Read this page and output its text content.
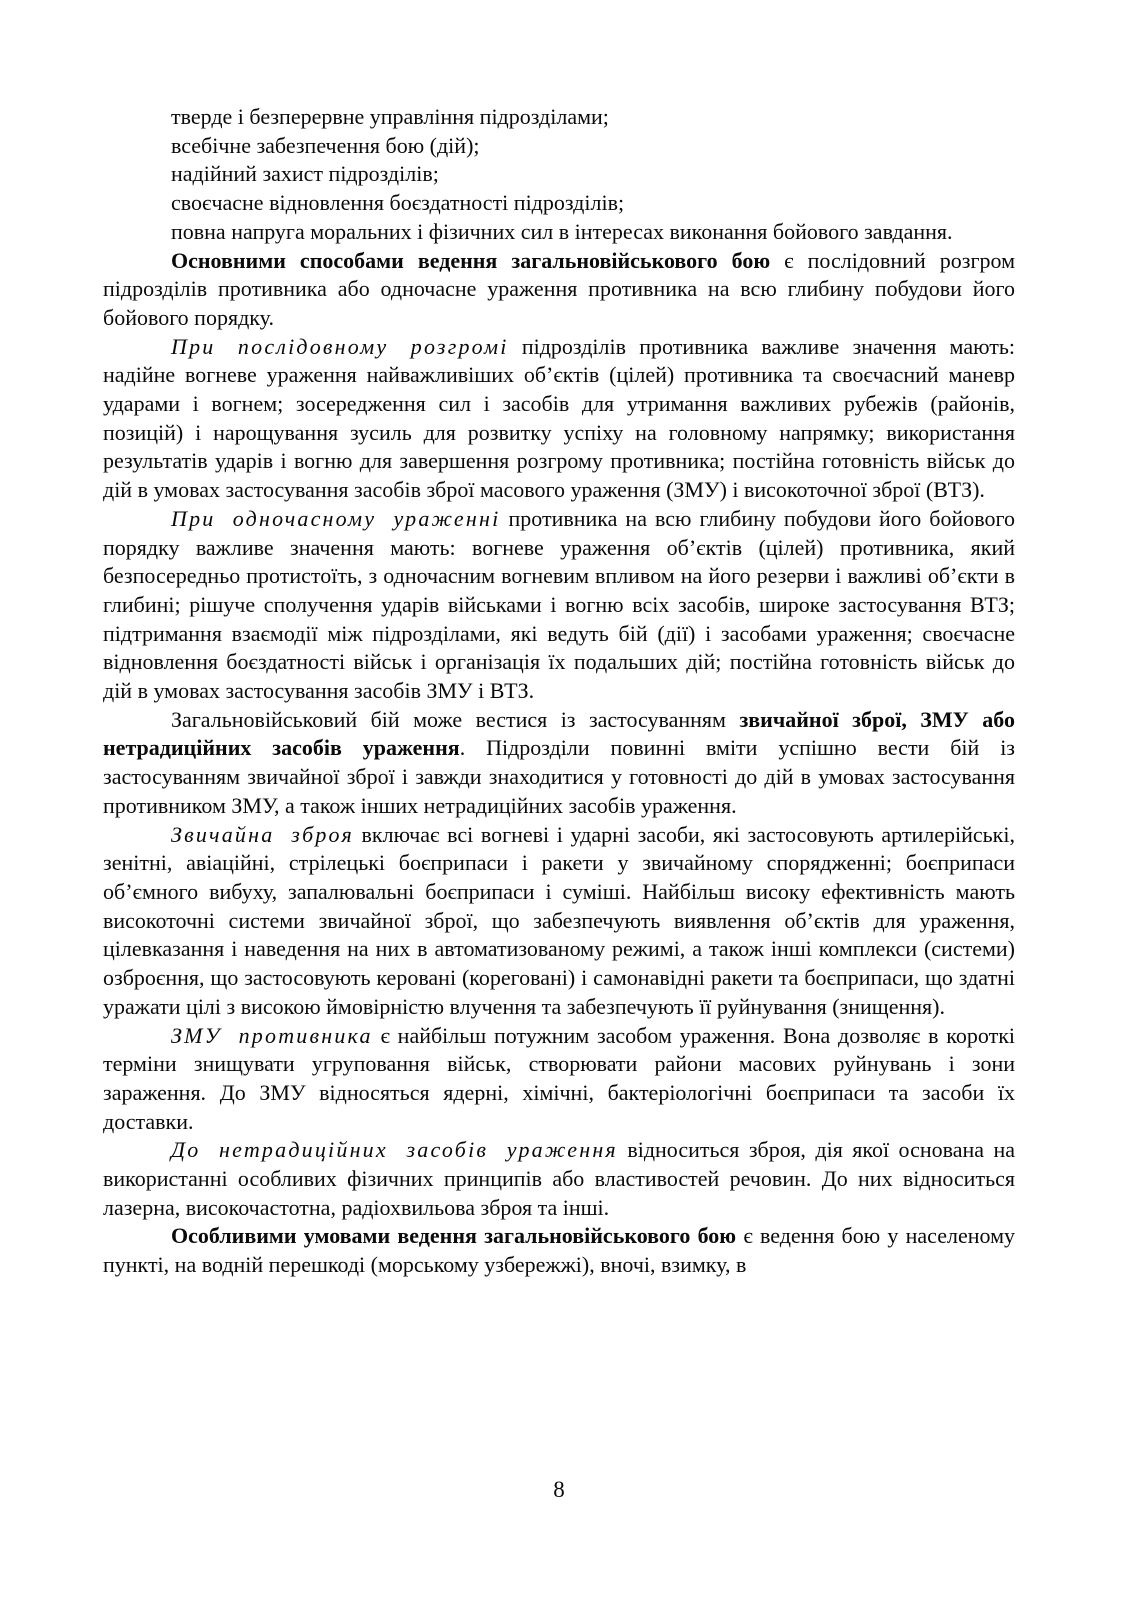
тверде і безперервне управління підрозділами;

всебічне забезпечення бою (дій);

надійний захист підрозділів;

своєчасне відновлення боєздатності підрозділів;

повна напруга моральних і фізичних сил в інтересах виконання бойового завдання.

Основними способами ведення загальновійськового бою є послідовний розгром підрозділів противника або одночасне ураження противника на всю глибину побудови його бойового порядку.

При послідовному розгромі підрозділів противника важливе значення мають: надійне вогневе ураження найважливіших об’єктів (цілей) противника та своєчасний маневр ударами і вогнем; зосередження сил і засобів для утримання важливих рубежів (районів, позицій) і нарощування зусиль для розвитку успіху на головному напрямку; використання результатів ударів і вогню для завершення розгрому противника; постійна готовність військ до дій в умовах застосування засобів зброї масового ураження (ЗМУ) і високоточної зброї (ВТЗ).

При одночасному ураженні противника на всю глибину побудови його бойового порядку важливе значення мають: вогневе ураження об’єктів (цілей) противника, який безпосередньо протистоїть, з одночасним вогневим впливом на його резерви і важливі об’єкти в глибині; рішуче сполучення ударів військами і вогню всіх засобів, широке застосування ВТЗ; підтримання взаємодії між підрозділами, які ведуть бій (дії) і засобами ураження; своєчасне відновлення боєздатності військ і організація їх подальших дій; постійна готовність військ до дій в умовах застосування засобів ЗМУ і ВТЗ.

Загальновійськовий бій може вестися із застосуванням звичайної зброї, ЗМУ або нетрадиційних засобів ураження. Підрозділи повинні вміти успішно вести бій із застосуванням звичайної зброї і завжди знаходитися у готовності до дій в умовах застосування противником ЗМУ, а також інших нетрадиційних засобів ураження.

Звичайна зброя включає всі вогневі і ударні засоби, які застосовують артилерійські, зенітні, авіаційні, стрілецькі боєприпаси і ракети у звичайному спорядженні; боєприпаси об’ємного вибуху, запалювальні боєприпаси і суміші. Найбільш високу ефективність мають високоточні системи звичайної зброї, що забезпечують виявлення об’єктів для ураження, цілевказання і наведення на них в автоматизованому режимі, а також інші комплекси (системи) озброєння, що застосовують керовані (кореговані) і самонавідні ракети та боєприпаси, що здатні уражати цілі з високою ймовірністю влучення та забезпечують її руйнування (знищення).

ЗМУ противника є найбільш потужним засобом ураження. Вона дозволяє в короткі терміни знищувати угруповання військ, створювати райони масових руйнувань і зони зараження. До ЗМУ відносяться ядерні, хімічні, бактеріологічні боєприпаси та засоби їх доставки.

До нетрадиційних засобів ураження відноситься зброя, дія якої основана на використанні особливих фізичних принципів або властивостей речовин. До них відноситься лазерна, високочастотна, радіохвильова зброя та інші.

Особливими умовами ведення загальновійськового бою є ведення бою у населеному пункті, на водній перешкоді (морському узбережжі), вночі, взимку, в

8
